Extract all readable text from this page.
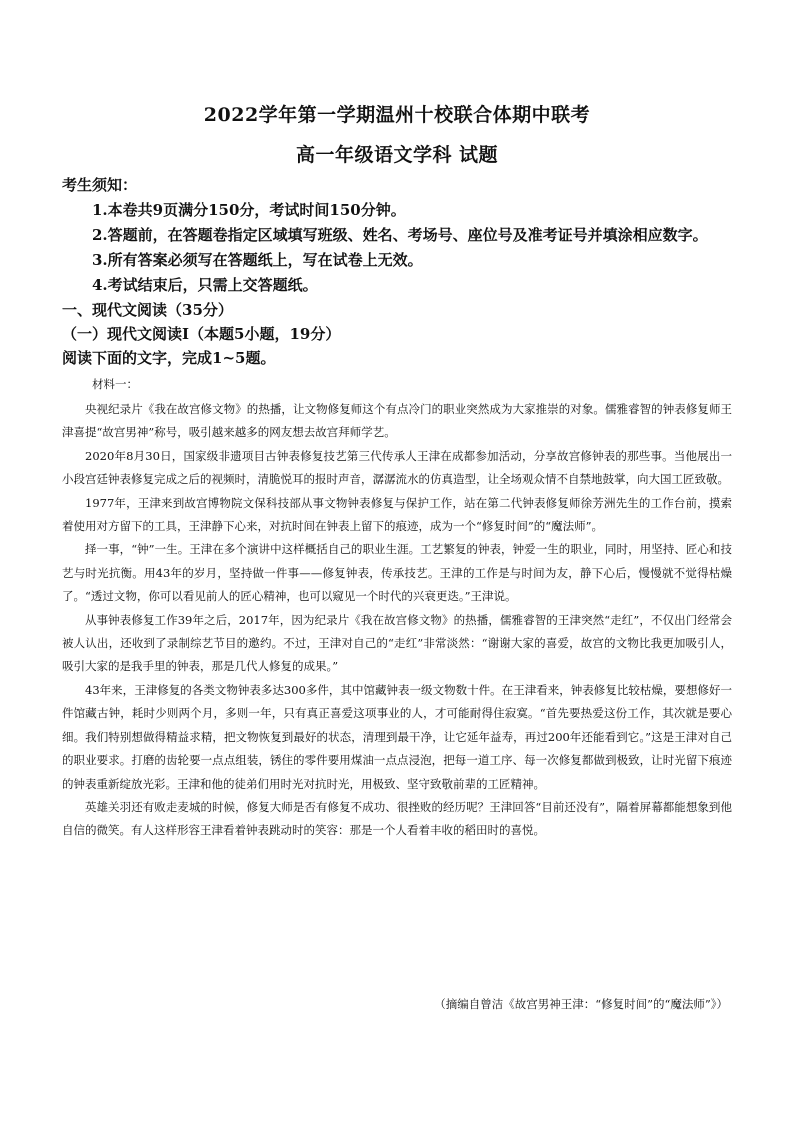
2022学年第一学期温州十校联合体期中联考
高一年级语文学科 试题
考生须知：
1.本卷共9页满分150分，考试时间150分钟。
2.答题前，在答题卷指定区域填写班级、姓名、考场号、座位号及准考证号并填涂相应数字。
3.所有答案必须写在答题纸上，写在试卷上无效。
4.考试结束后，只需上交答题纸。
一、现代文阅读（35分）
（一）现代文阅读Ⅰ（本题5小题，19分）
阅读下面的文字，完成1~5题。
材料一：

央视纪录片《我在故宫修文物》的热播，让文物修复师这个有点冷门的职业突然成为大家推崇的对象。儒雅睿智的钟表修复师王津喜提“故宫男神”称号，吸引越来越多的网友想去故宫拜师学艺。

2020年8月30日，国家级非遗项目古钟表修复技艺第三代传承人王津在成都参加活动，分享故宫修钟表的那些事。当他展出一小段宫廷钟表修复完成之后的视频时，清脆悦耳的报时声音，潺潺流水的仿真造型，让全场观众情不自禁地鼓掌，向大国工匠致敬。

1977年，王津来到故宫博物院文保科技部从事文物钟表修复与保护工作，站在第二代钟表修复师徐芳洲先生的工作台前，摸索着使用对方留下的工具，王津静下心来，对抗时间在钟表上留下的痕迹，成为一个“修复时间”的“魔法师”。

择一事，“钟”一生。王津在多个演讲中这样概括自己的职业生涯。工艺繁复的钟表，钟爱一生的职业，同时，用坚持、匠心和技艺与时光抗衡。用43年的岁月，坚持做一件事——修复钟表，传承技艺。王津的工作是与时间为友，静下心后，慢慢就不觉得枯燥了。“透过文物，你可以看见前人的匠心精神，也可以窥见一个时代的兴衰更迭。”王津说。

从事钟表修复工作39年之后，2017年，因为纪录片《我在故宫修文物》的热播，儒雅睿智的王津突然“走红”，不仅出门经常会被人认出，还收到了录制综艺节目的邀约。不过，王津对自己的“走红”非常淡然：“谢谢大家的喜爱，故宫的文物比我更加吸引人，吸引大家的是我手里的钟表，那是几代人修复的成果。”

43年来，王津修复的各类文物钟表多达300多件，其中馆藏钟表一级文物数十件。在王津看来，钟表修复比较枯燥，要想修好一件馆藏古钟，耗时少则两个月，多则一年，只有真正喜爱这项事业的人，才可能耐得住寂寞。“首先要热爱这份工作，其次就是要心细。我们特别想做得精益求精，把文物恢复到最好的状态，清理到最干净，让它延年益寿，再过200年还能看到它。”这是王津对自己的职业要求。打磨的齿轮要一点点组装，锈住的零件要用煤油一点点浸泡，把每一道工序、每一次修复都做到极致，让时光留下痕迹的钟表重新绽放光彩。王津和他的徒弟们用时光对抗时光，用极致、坚守致敬前辈的工匠精神。

英雄关羽还有败走麦城的时候，修复大师是否有修复不成功、很挫败的经历呢？王津回答“目前还没有”，隔着屏幕都能想象到他自信的微笑。有人这样形容王津看着钟表跳动时的笑容：那是一个人看着丰收的稻田时的喜悦。

（摘编自曾洁《故宫男神王津：“修复时间”的“魔法师”》）
